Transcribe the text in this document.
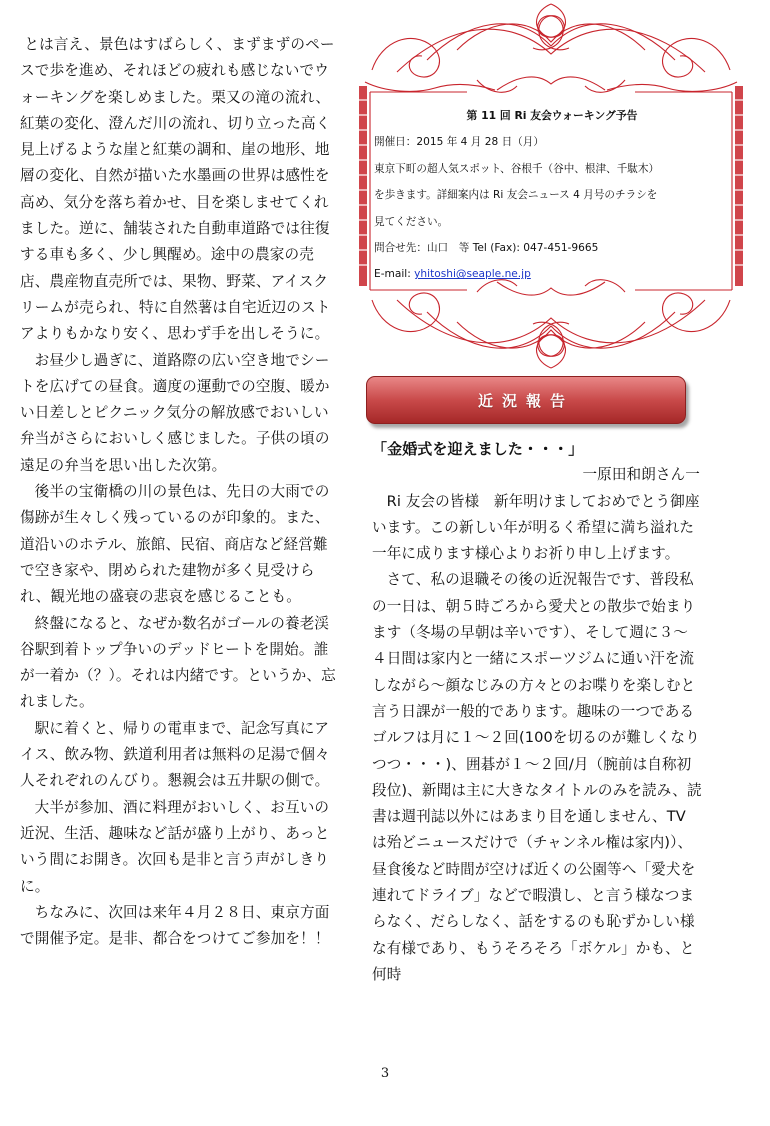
とは言え、景色はすばらしく、まずまずのペースで歩を進め、それほどの疲れも感じないでウォーキングを楽しめました。栗又の滝の流れ、紅葉の変化、澄んだ川の流れ、切り立った高く見上げるような崖と紅葉の調和、崖の地形、地層の変化、自然が描いた水墨画の世界は感性を高め、気分を落ち着かせ、目を楽しませてくれました。逆に、舗装された自動車道路では往復する車も多く、少し興醒め。途中の農家の売店、農産物直売所では、果物、野菜、アイスクリームが売られ、特に自然薯は自宅近辺のストアよりもかなり安く、思わず手を出しそうに。

お昼少し過ぎに、道路際の広い空き地でシートを広げての昼食。適度の運動での空腹、暖かい日差しとピクニック気分の解放感でおいしい弁当がさらにおいしく感じました。子供の頃の遠足の弁当を思い出した次第。

後半の宝衛橋の川の景色は、先日の大雨での傷跡が生々しく残っているのが印象的。また、道沿いのホテル、旅館、民宿、商店など経営難で空き家や、閉められた建物が多く見受けられ、観光地の盛衰の悲哀を感じることも。

終盤になると、なぜか数名がゴールの養老渓谷駅到着トップ争いのデッドヒートを開始。誰が一着か（？）。それは内緒です。というか、忘れました。

駅に着くと、帰りの電車まで、記念写真にアイス、飲み物、鉄道利用者は無料の足湯で個々人それぞれのんびり。懇親会は五井駅の側で。

大半が参加、酒に料理がおいしく、お互いの近況、生活、趣味など話が盛り上がり、あっという間にお開き。次回も是非と言う声がしきりに。

ちなみに、次回は来年４月２８日、東京方面で開催予定。是非、都合をつけてご参加を！！

第 11 回 Ri 友会ウォーキング予告
開催日：2015 年 4 月 28 日（月）
東京下町の超人気スポット、谷根千（谷中、根津、千駄木）
を歩きます。詳細案内は Ri 友会ニュース 4 月号のチラシを
見てください。
問合せ先：山口　等 Tel (Fax): 047-451-9665
E-mail: yhitoshi@seaple.ne.jp
近況報告

「金婚式を迎えました・・・」

一原田和朗さん一

Ri 友会の皆様　新年明けましておめでとう御座います。この新しい年が明るく希望に満ち溢れた一年に成ります様心よりお祈り申し上げます。

さて、私の退職その後の近況報告です、普段私の一日は、朝５時ごろから愛犬との散歩で始まります（冬場の早朝は辛いです）、そして週に３～４日間は家内と一緒にスポーツジムに通い汗を流しながら～顔なじみの方々とのお喋りを楽しむと言う日課が一般的であります。趣味の一つであるゴルフは月に１～２回(100を切るのが難しくなりつつ・・・)、囲碁が１～２回/月（腕前は自称初段位)、新聞は主に大きなタイトルのみを読み、読書は週刊誌以外にはあまり目を通しません、TV は殆どニュースだけで（チャンネル権は家内)）、昼食後など時間が空けば近くの公園等へ「愛犬を連れてドライブ」などで暇潰し、と言う様なつまらなく、だらしなく、話をするのも恥ずかしい様な有様であり、もうそろそろ「ボケル」かも、と何時

3
